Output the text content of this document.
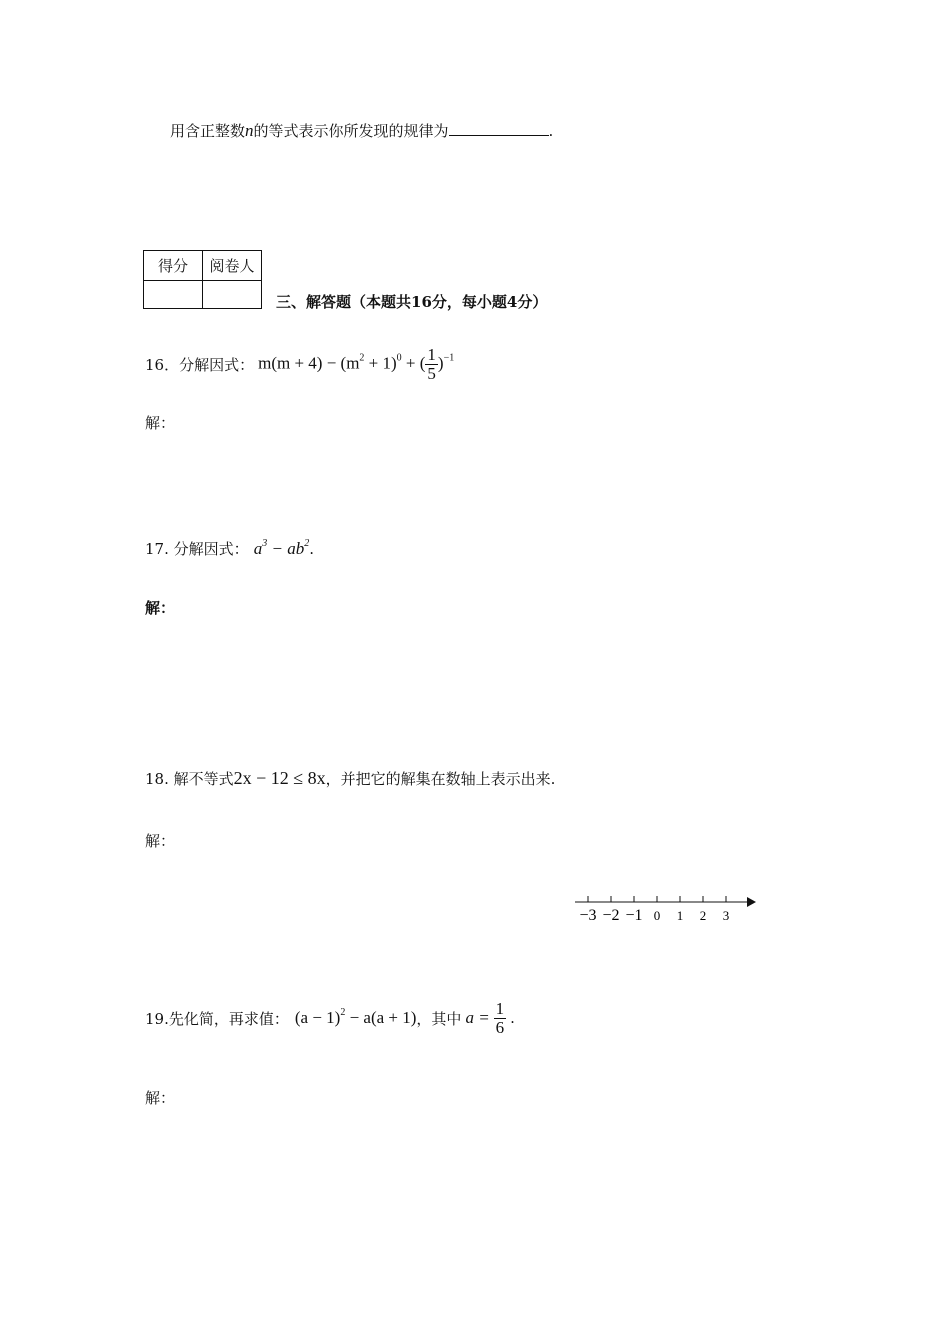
用含正整数n的等式表示你所发现的规律为	.
得分	阅卷人

三、解答题（本题共16分，每小题4分）
16．分解因式： $m(m + 4) - (m^2 + 1)^0$ + ( $\frac{1}{5} )^{-1}$
解：
17. 分解因式： $a^3 - ab^2$.
解：
18. 解不等式2x − 12 ≤ 8x，并把它的解集在数轴上表示出来.
解：
−3 −2 −1 0 1 2 3
19.先化简，再求值： $(a - 1)^2 - a(a + 1)$ ，其中 $a = \frac{1}{6}$ .
解：
